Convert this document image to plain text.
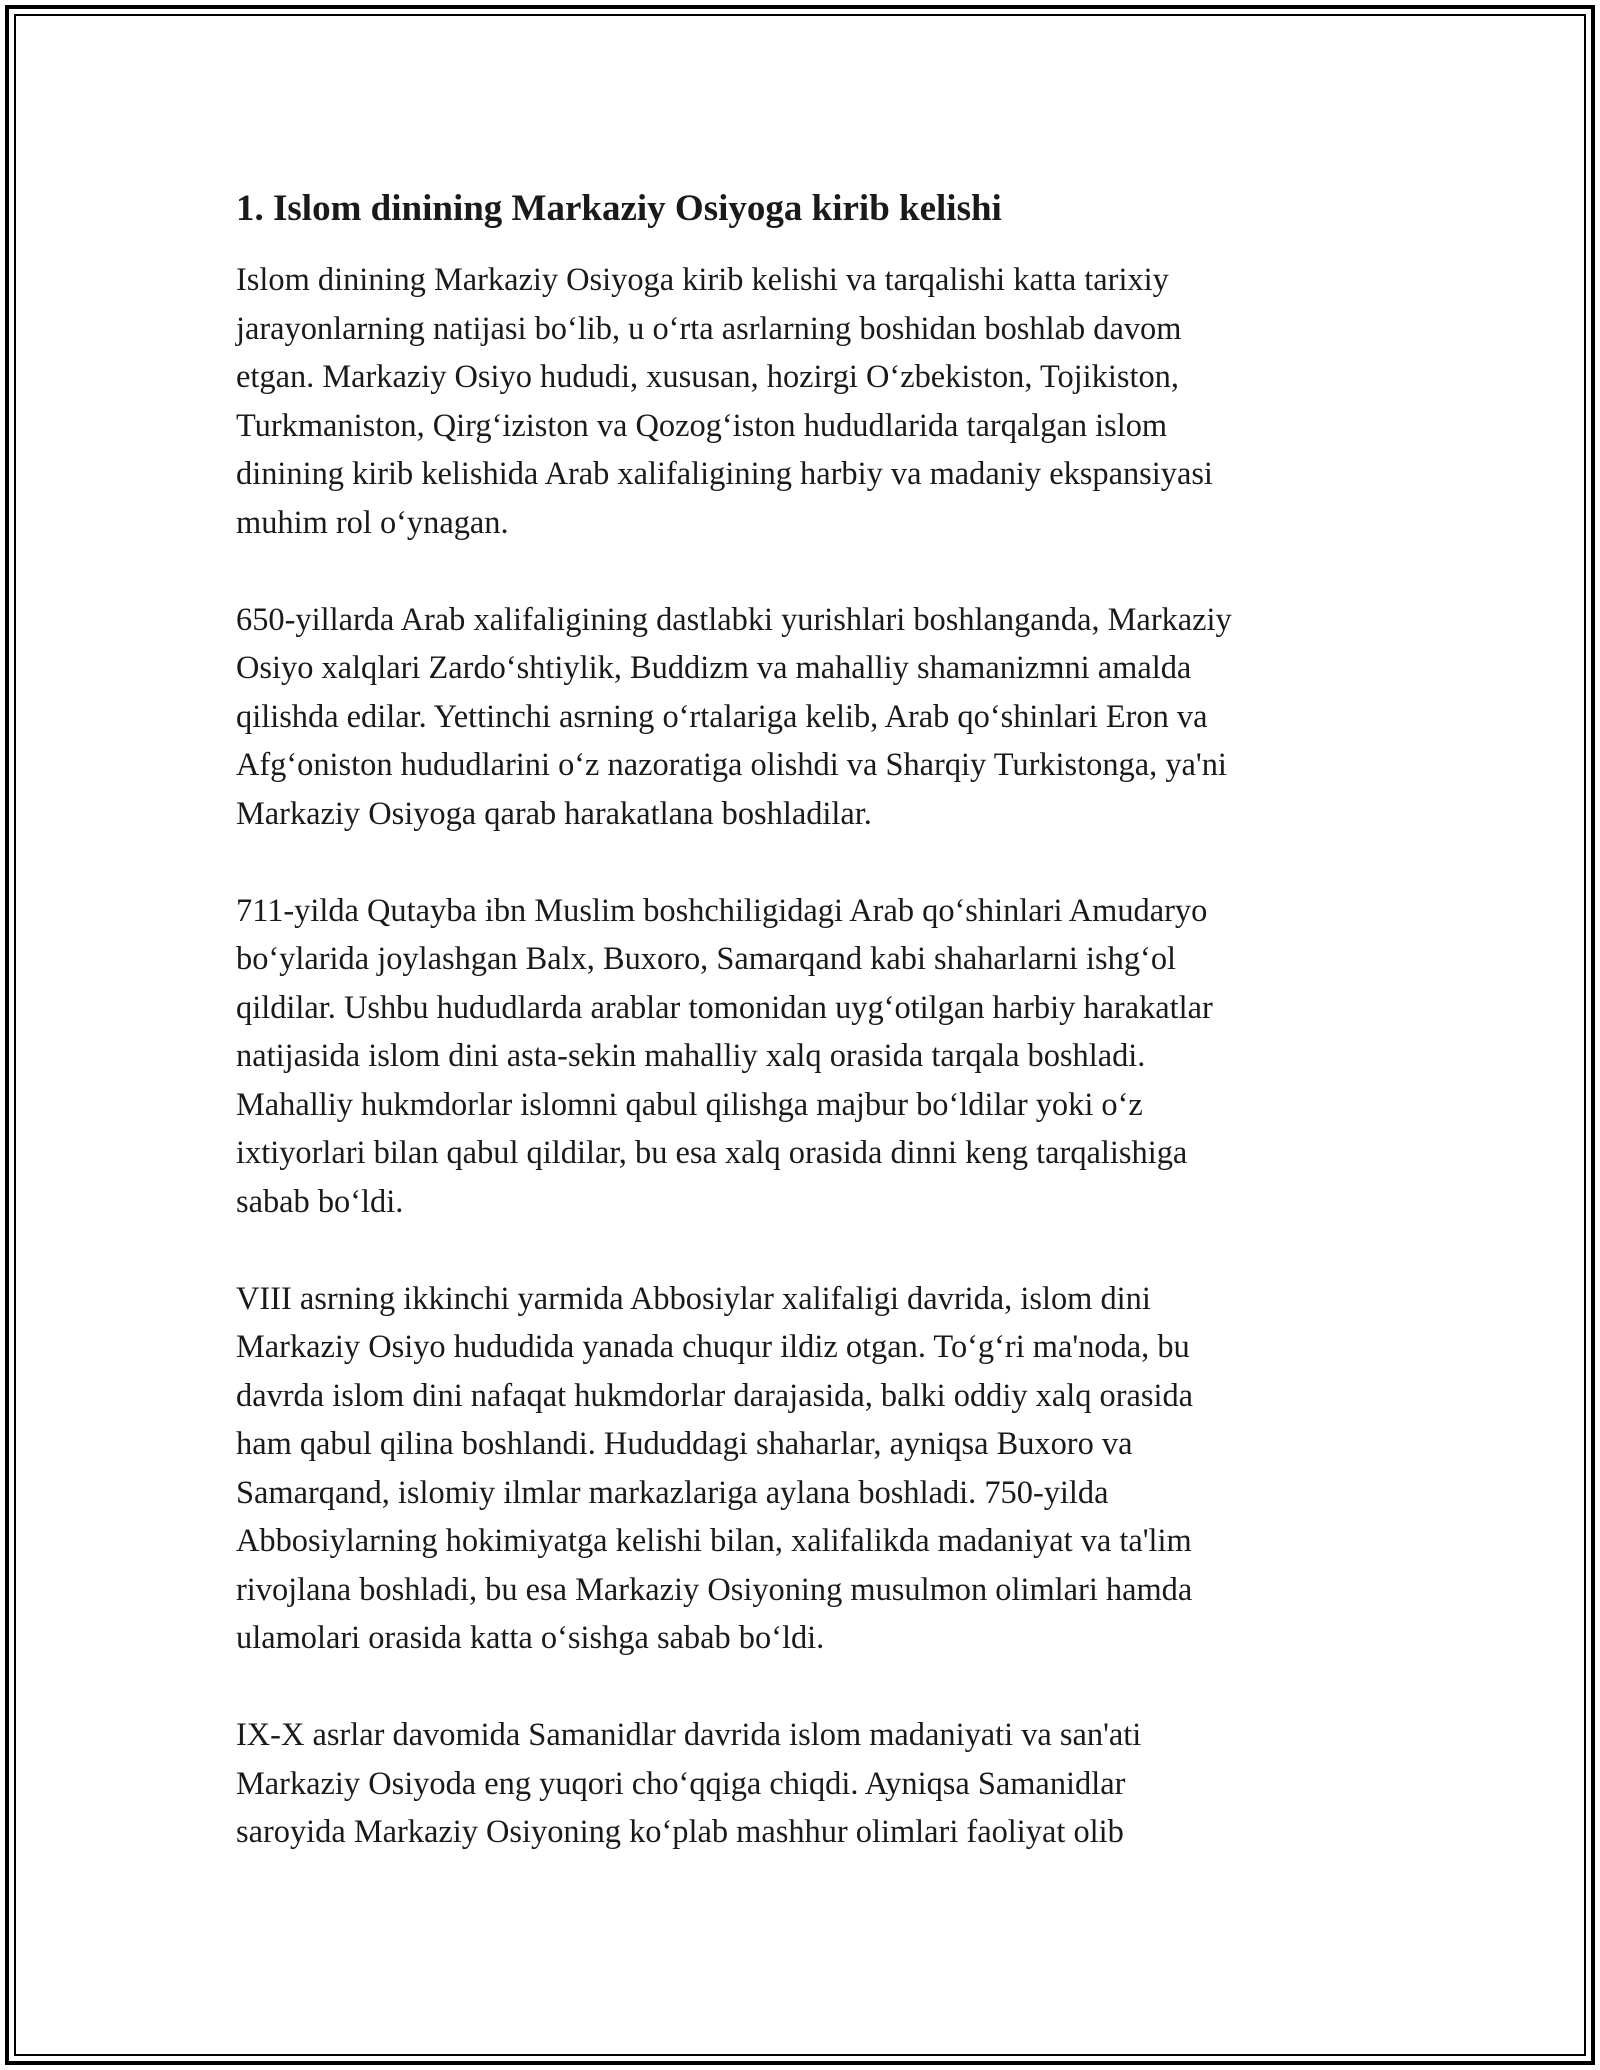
1. Islom dinining Markaziy Osiyoga kirib kelishi

Islom dinining Markaziy Osiyoga kirib kelishi va tarqalishi katta tarixiy
jarayonlarning natijasi bo‘lib, u o‘rta asrlarning boshidan boshlab davom
etgan. Markaziy Osiyo hududi, xususan, hozirgi O‘zbekiston, Tojikiston,
Turkmaniston, Qirg‘iziston va Qozog‘iston hududlarida tarqalgan islom
dinining kirib kelishida Arab xalifaligining harbiy va madaniy ekspansiyasi
muhim rol o‘ynagan.

650-yillarda Arab xalifaligining dastlabki yurishlari boshlanganda, Markaziy
Osiyo xalqlari Zardo‘shtiylik, Buddizm va mahalliy shamanizmni amalda
qilishda edilar. Yettinchi asrning o‘rtalariga kelib, Arab qo‘shinlari Eron va
Afg‘oniston hududlarini o‘z nazoratiga olishdi va Sharqiy Turkistonga, ya'ni
Markaziy Osiyoga qarab harakatlana boshladilar.

711-yilda Qutayba ibn Muslim boshchiligidagi Arab qo‘shinlari Amudaryo
bo‘ylarida joylashgan Balx, Buxoro, Samarqand kabi shaharlarni ishg‘ol
qildilar. Ushbu hududlarda arablar tomonidan uyg‘otilgan harbiy harakatlar
natijasida islom dini asta-sekin mahalliy xalq orasida tarqala boshladi.
Mahalliy hukmdorlar islomni qabul qilishga majbur bo‘ldilar yoki o‘z
ixtiyorlari bilan qabul qildilar, bu esa xalq orasida dinni keng tarqalishiga
sabab bo‘ldi.

VIII asrning ikkinchi yarmida Abbosiylar xalifaligi davrida, islom dini
Markaziy Osiyo hududida yanada chuqur ildiz otgan. To‘g‘ri ma'noda, bu
davrda islom dini nafaqat hukmdorlar darajasida, balki oddiy xalq orasida
ham qabul qilina boshlandi. Hududdagi shaharlar, ayniqsa Buxoro va
Samarqand, islomiy ilmlar markazlariga aylana boshladi. 750-yilda
Abbosiylarning hokimiyatga kelishi bilan, xalifalikda madaniyat va ta'lim
rivojlana boshladi, bu esa Markaziy Osiyoning musulmon olimlari hamda
ulamolari orasida katta o‘sishga sabab bo‘ldi.

IX-X asrlar davomida Samanidlar davrida islom madaniyati va san'ati
Markaziy Osiyoda eng yuqori cho‘qqiga chiqdi. Ayniqsa Samanidlar
saroyida Markaziy Osiyoning ko‘plab mashhur olimlari faoliyat olib
